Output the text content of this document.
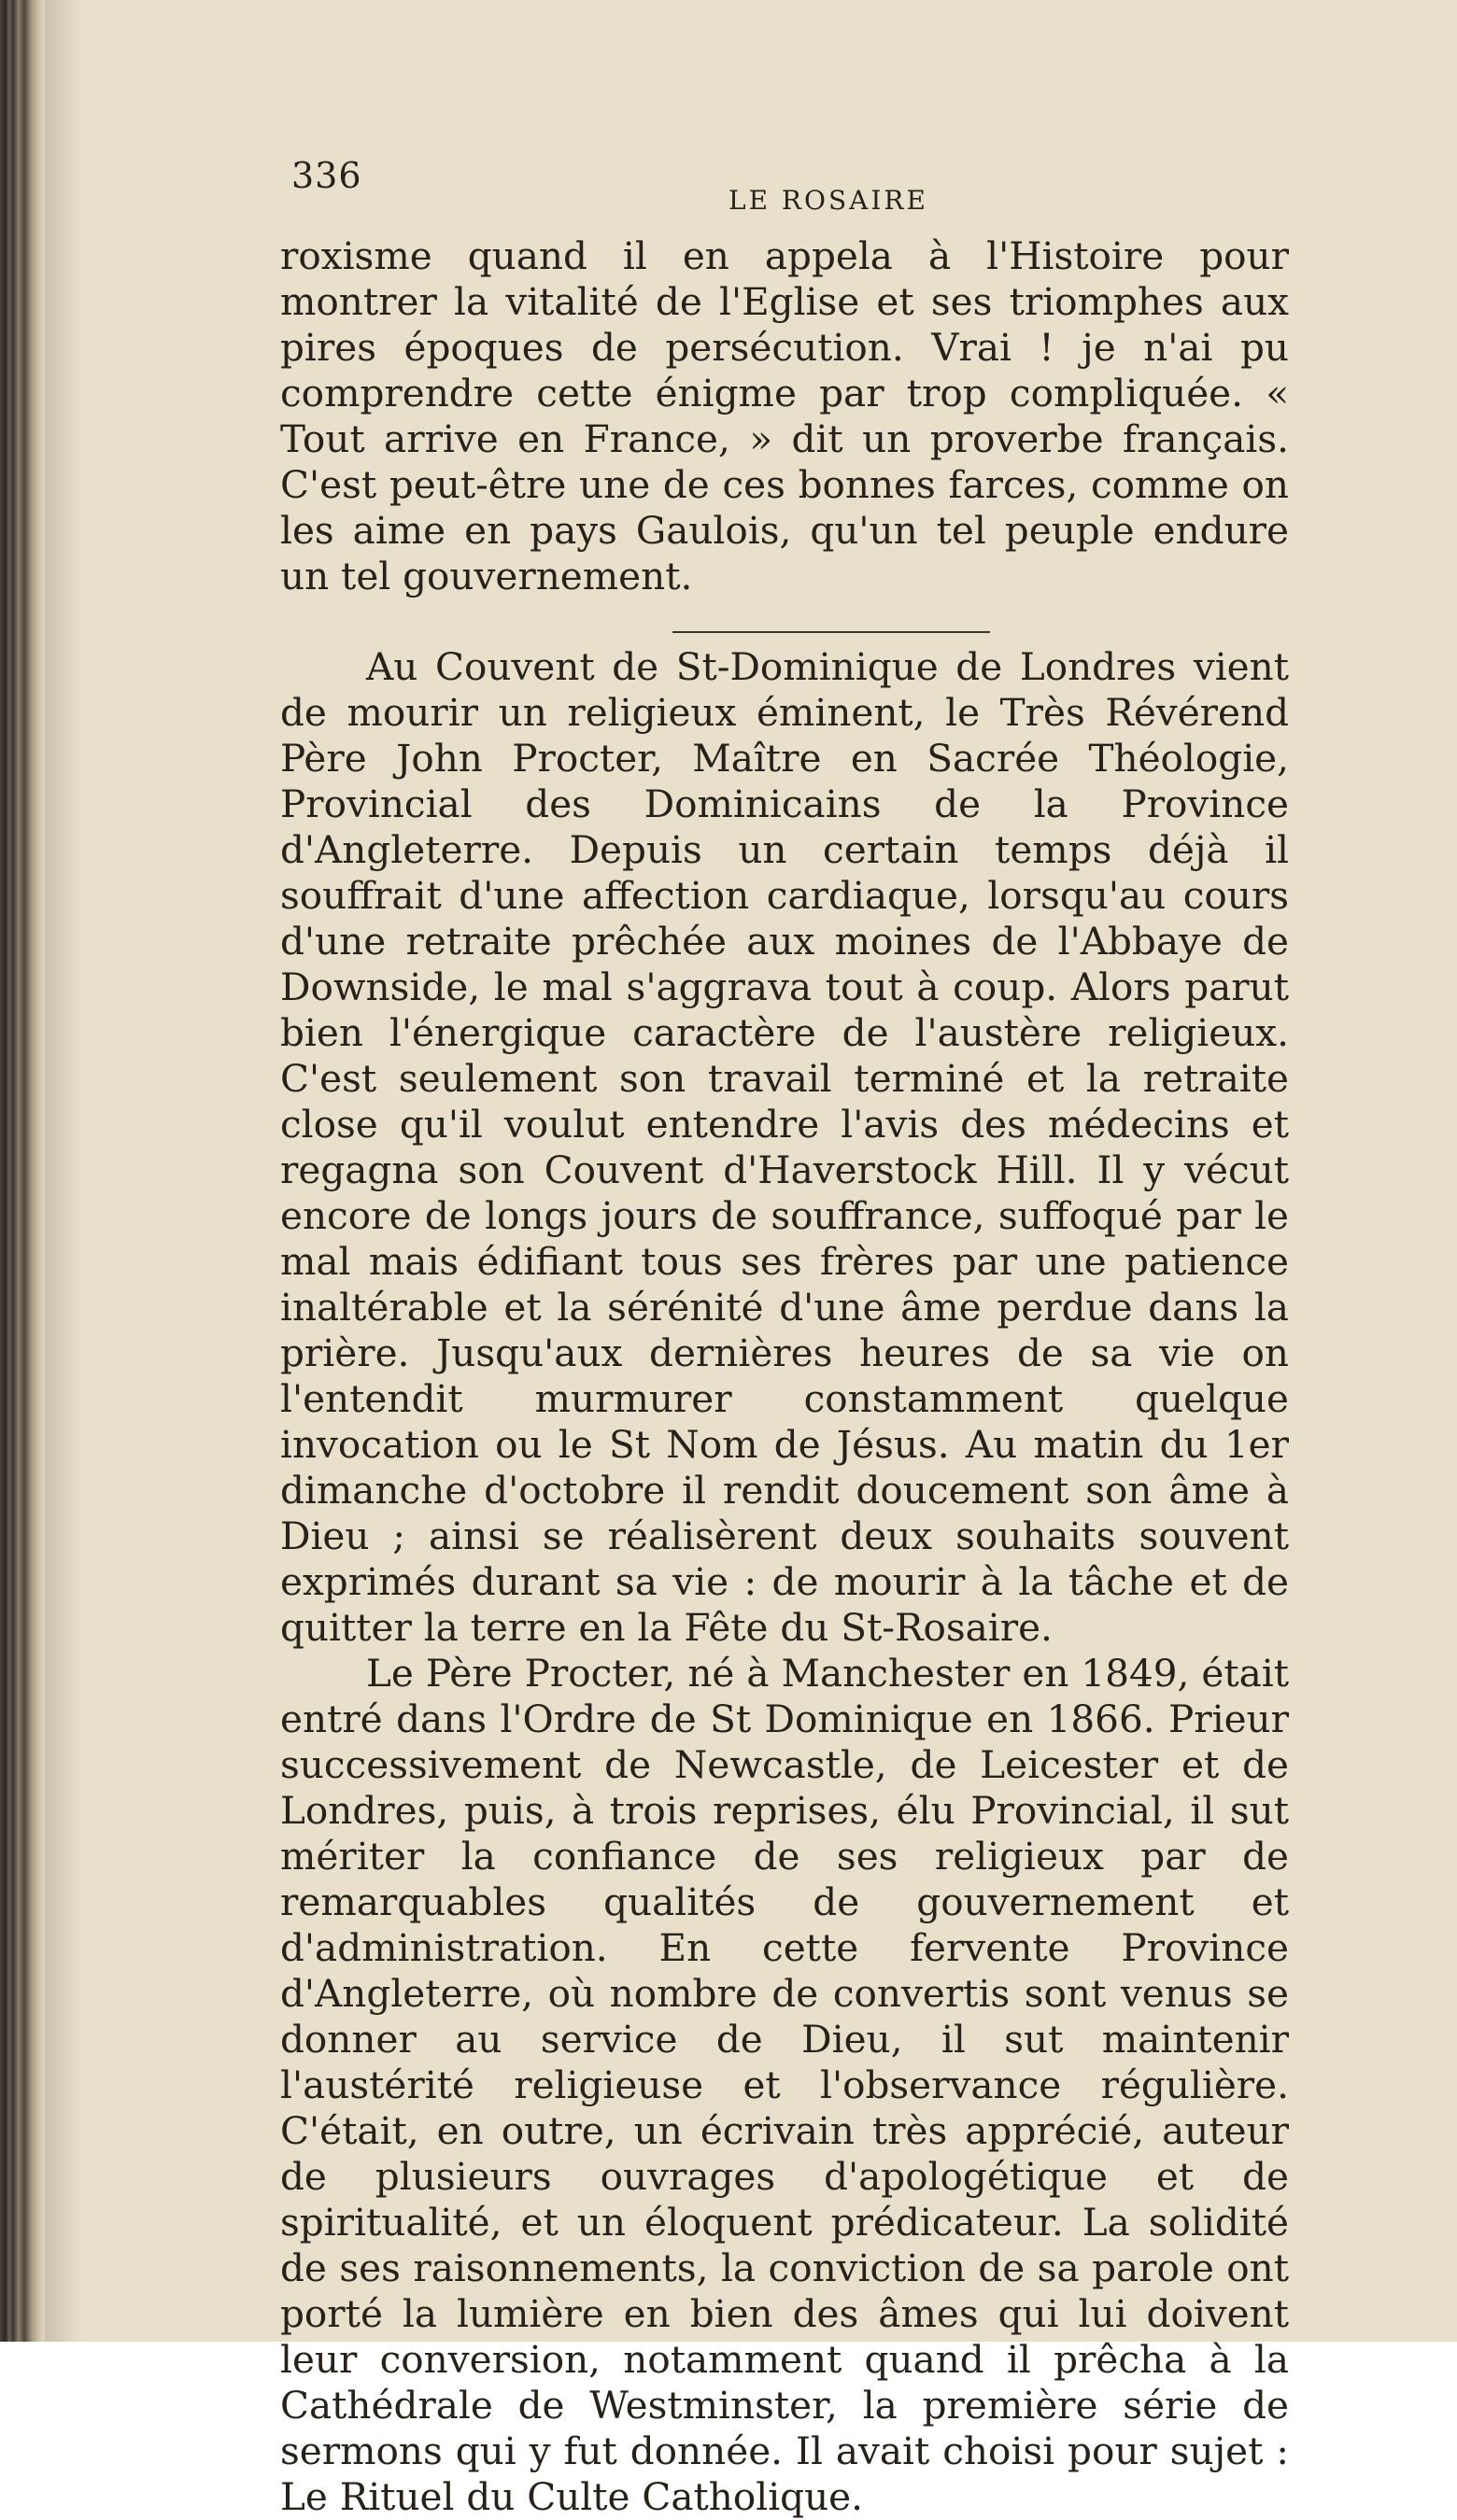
336
LE ROSAIRE

roxisme quand il en appela à l'Histoire pour montrer la vitalité de l'Eglise et ses triomphes aux pires époques de persécution. Vrai ! je n'ai pu comprendre cette énigme par trop compliquée. « Tout arrive en France, » dit un proverbe français. C'est peut-être une de ces bonnes farces, comme on les aime en pays Gaulois, qu'un tel peuple endure un tel gouvernement.

Au Couvent de St-Dominique de Londres vient de mourir un religieux éminent, le Très Révérend Père John Procter, Maître en Sacrée Théologie, Provincial des Dominicains de la Province d'Angleterre. Depuis un certain temps déjà il souffrait d'une affection cardiaque, lorsqu'au cours d'une retraite prêchée aux moines de l'Abbaye de Downside, le mal s'aggrava tout à coup. Alors parut bien l'énergique caractère de l'austère religieux. C'est seulement son travail terminé et la retraite close qu'il voulut entendre l'avis des médecins et regagna son Couvent d'Haverstock Hill. Il y vécut encore de longs jours de souffrance, suffoqué par le mal mais édifiant tous ses frères par une patience inaltérable et la sérénité d'une âme perdue dans la prière. Jusqu'aux dernières heures de sa vie on l'entendit murmurer constamment quelque invocation ou le St Nom de Jésus. Au matin du 1er dimanche d'octobre il rendit doucement son âme à Dieu ; ainsi se réalisèrent deux souhaits souvent exprimés durant sa vie : de mourir à la tâche et de quitter la terre en la Fête du St-Rosaire.

Le Père Procter, né à Manchester en 1849, était entré dans l'Ordre de St Dominique en 1866. Prieur successivement de Newcastle, de Leicester et de Londres, puis, à trois reprises, élu Provincial, il sut mériter la confiance de ses religieux par de remarquables qualités de gouvernement et d'administration. En cette fervente Province d'Angleterre, où nombre de convertis sont venus se donner au service de Dieu, il sut maintenir l'austérité religieuse et l'observance régulière. C'était, en outre, un écrivain très apprécié, auteur de plusieurs ouvrages d'apologétique et de spiritualité, et un éloquent prédicateur. La solidité de ses raisonnements, la conviction de sa parole ont porté la lumière en bien des âmes qui lui doivent leur conversion, notamment quand il prêcha à la Cathédrale de Westminster, la première série de sermons qui y fut donnée. Il avait choisi pour sujet : Le Rituel du Culte Catholique.
